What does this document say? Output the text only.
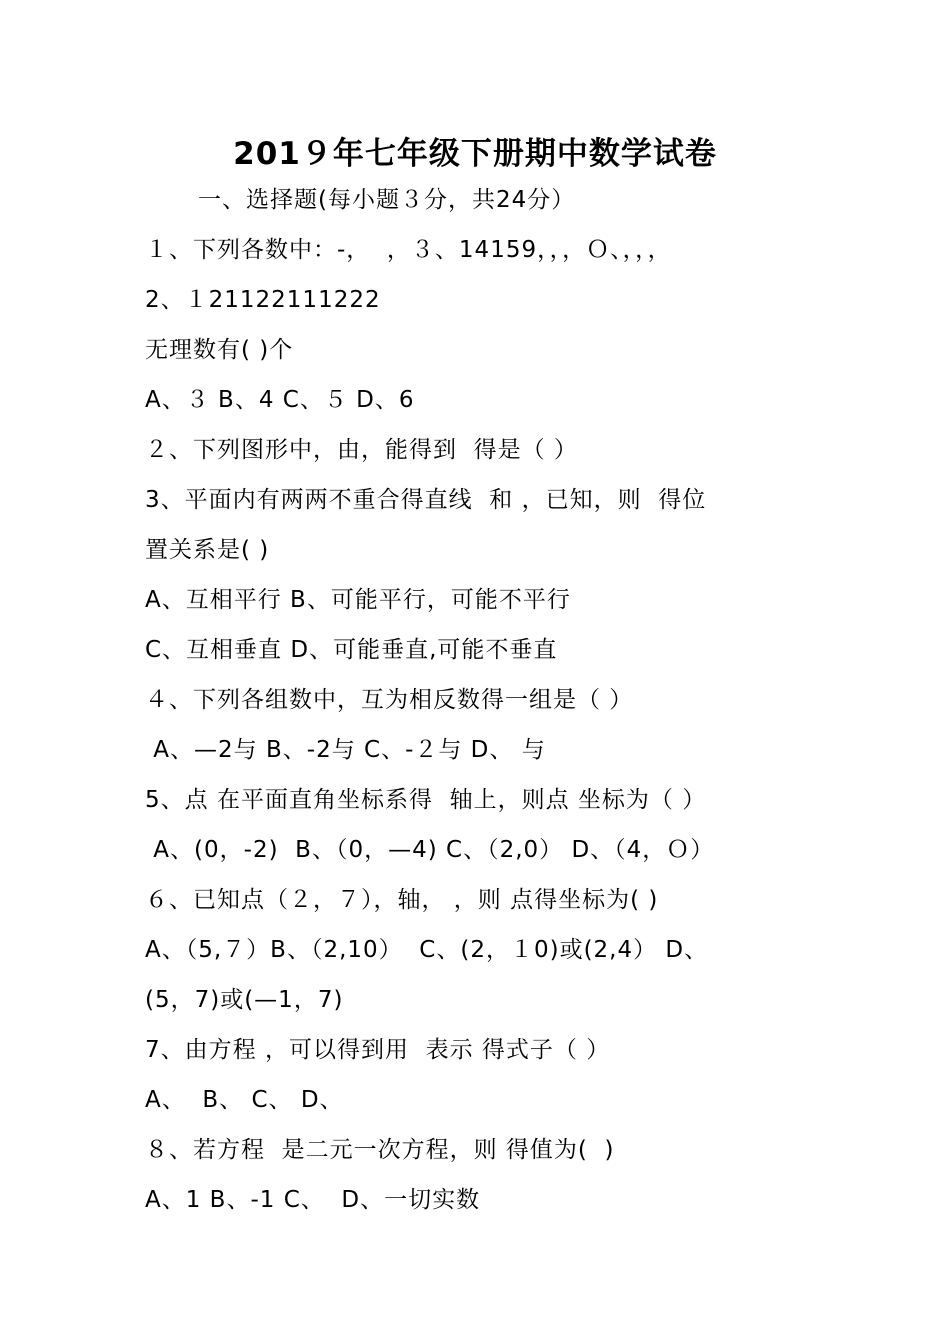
201９年七年级下册期中数学试卷
一、选择题(每小题３分，共24分）
１、下列各数中：-，  ，３、14159，，，Ｏ、，，，
2、１21122111222
无理数有( )个
A、３ B、4 C、５ D、6
２、下列图形中，由，能得到  得是（ ）
3、平面内有两两不重合得直线  和 ，已知，则  得位
置关系是( )
A、互相平行 B、可能平行，可能不平行
C、互相垂直 D、可能垂直,可能不垂直
４、下列各组数中，互为相反数得一组是（ ）
A、—2与 B、-2与 C、-２与 D、 与
5、点 在平面直角坐标系得  轴上，则点 坐标为（ ）
A、(0，-2)  B、（0，—4) C、（2,0） D、（4，Ｏ）
６、已知点（２，７），轴， ，则 点得坐标为( )
A、（5,７）B、（2,10）  C、(2，１0)或(2,4） D、
(5，7)或(—1，7)
7、由方程 ，可以得到用  表示 得式子（ ）
A、  B、 C、 D、
８、若方程  是二元一次方程，则 得值为(  )
A、1 B、-1 C、  D、一切实数
